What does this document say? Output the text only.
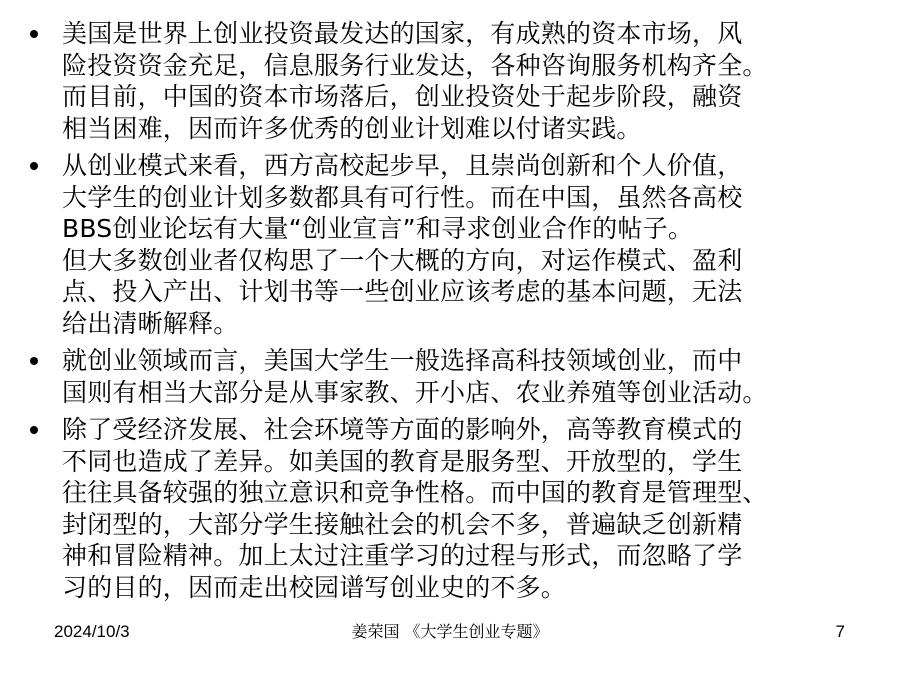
美国是世界上创业投资最发达的国家，有成熟的资本市场，风
险投资资金充足，信息服务行业发达，各种咨询服务机构齐全。
而目前，中国的资本市场落后，创业投资处于起步阶段，融资
相当困难，因而许多优秀的创业计划难以付诸实践。
从创业模式来看，西方高校起步早，且崇尚创新和个人价值，
大学生的创业计划多数都具有可行性。而在中国，虽然各高校
BBS创业论坛有大量“创业宣言”和寻求创业合作的帖子。
但大多数创业者仅构思了一个大概的方向，对运作模式、盈利
点、投入产出、计划书等一些创业应该考虑的基本问题，无法
给出清晰解释。
就创业领域而言，美国大学生一般选择高科技领域创业，而中
国则有相当大部分是从事家教、开小店、农业养殖等创业活动。
除了受经济发展、社会环境等方面的影响外，高等教育模式的
不同也造成了差异。如美国的教育是服务型、开放型的，学生
往往具备较强的独立意识和竞争性格。而中国的教育是管理型、
封闭型的，大部分学生接触社会的机会不多，普遍缺乏创新精
神和冒险精神。加上太过注重学习的过程与形式，而忽略了学
习的目的，因而走出校园谱写创业史的不多。
2024/10/3	姜荣国 《大学生创业专题》	7
